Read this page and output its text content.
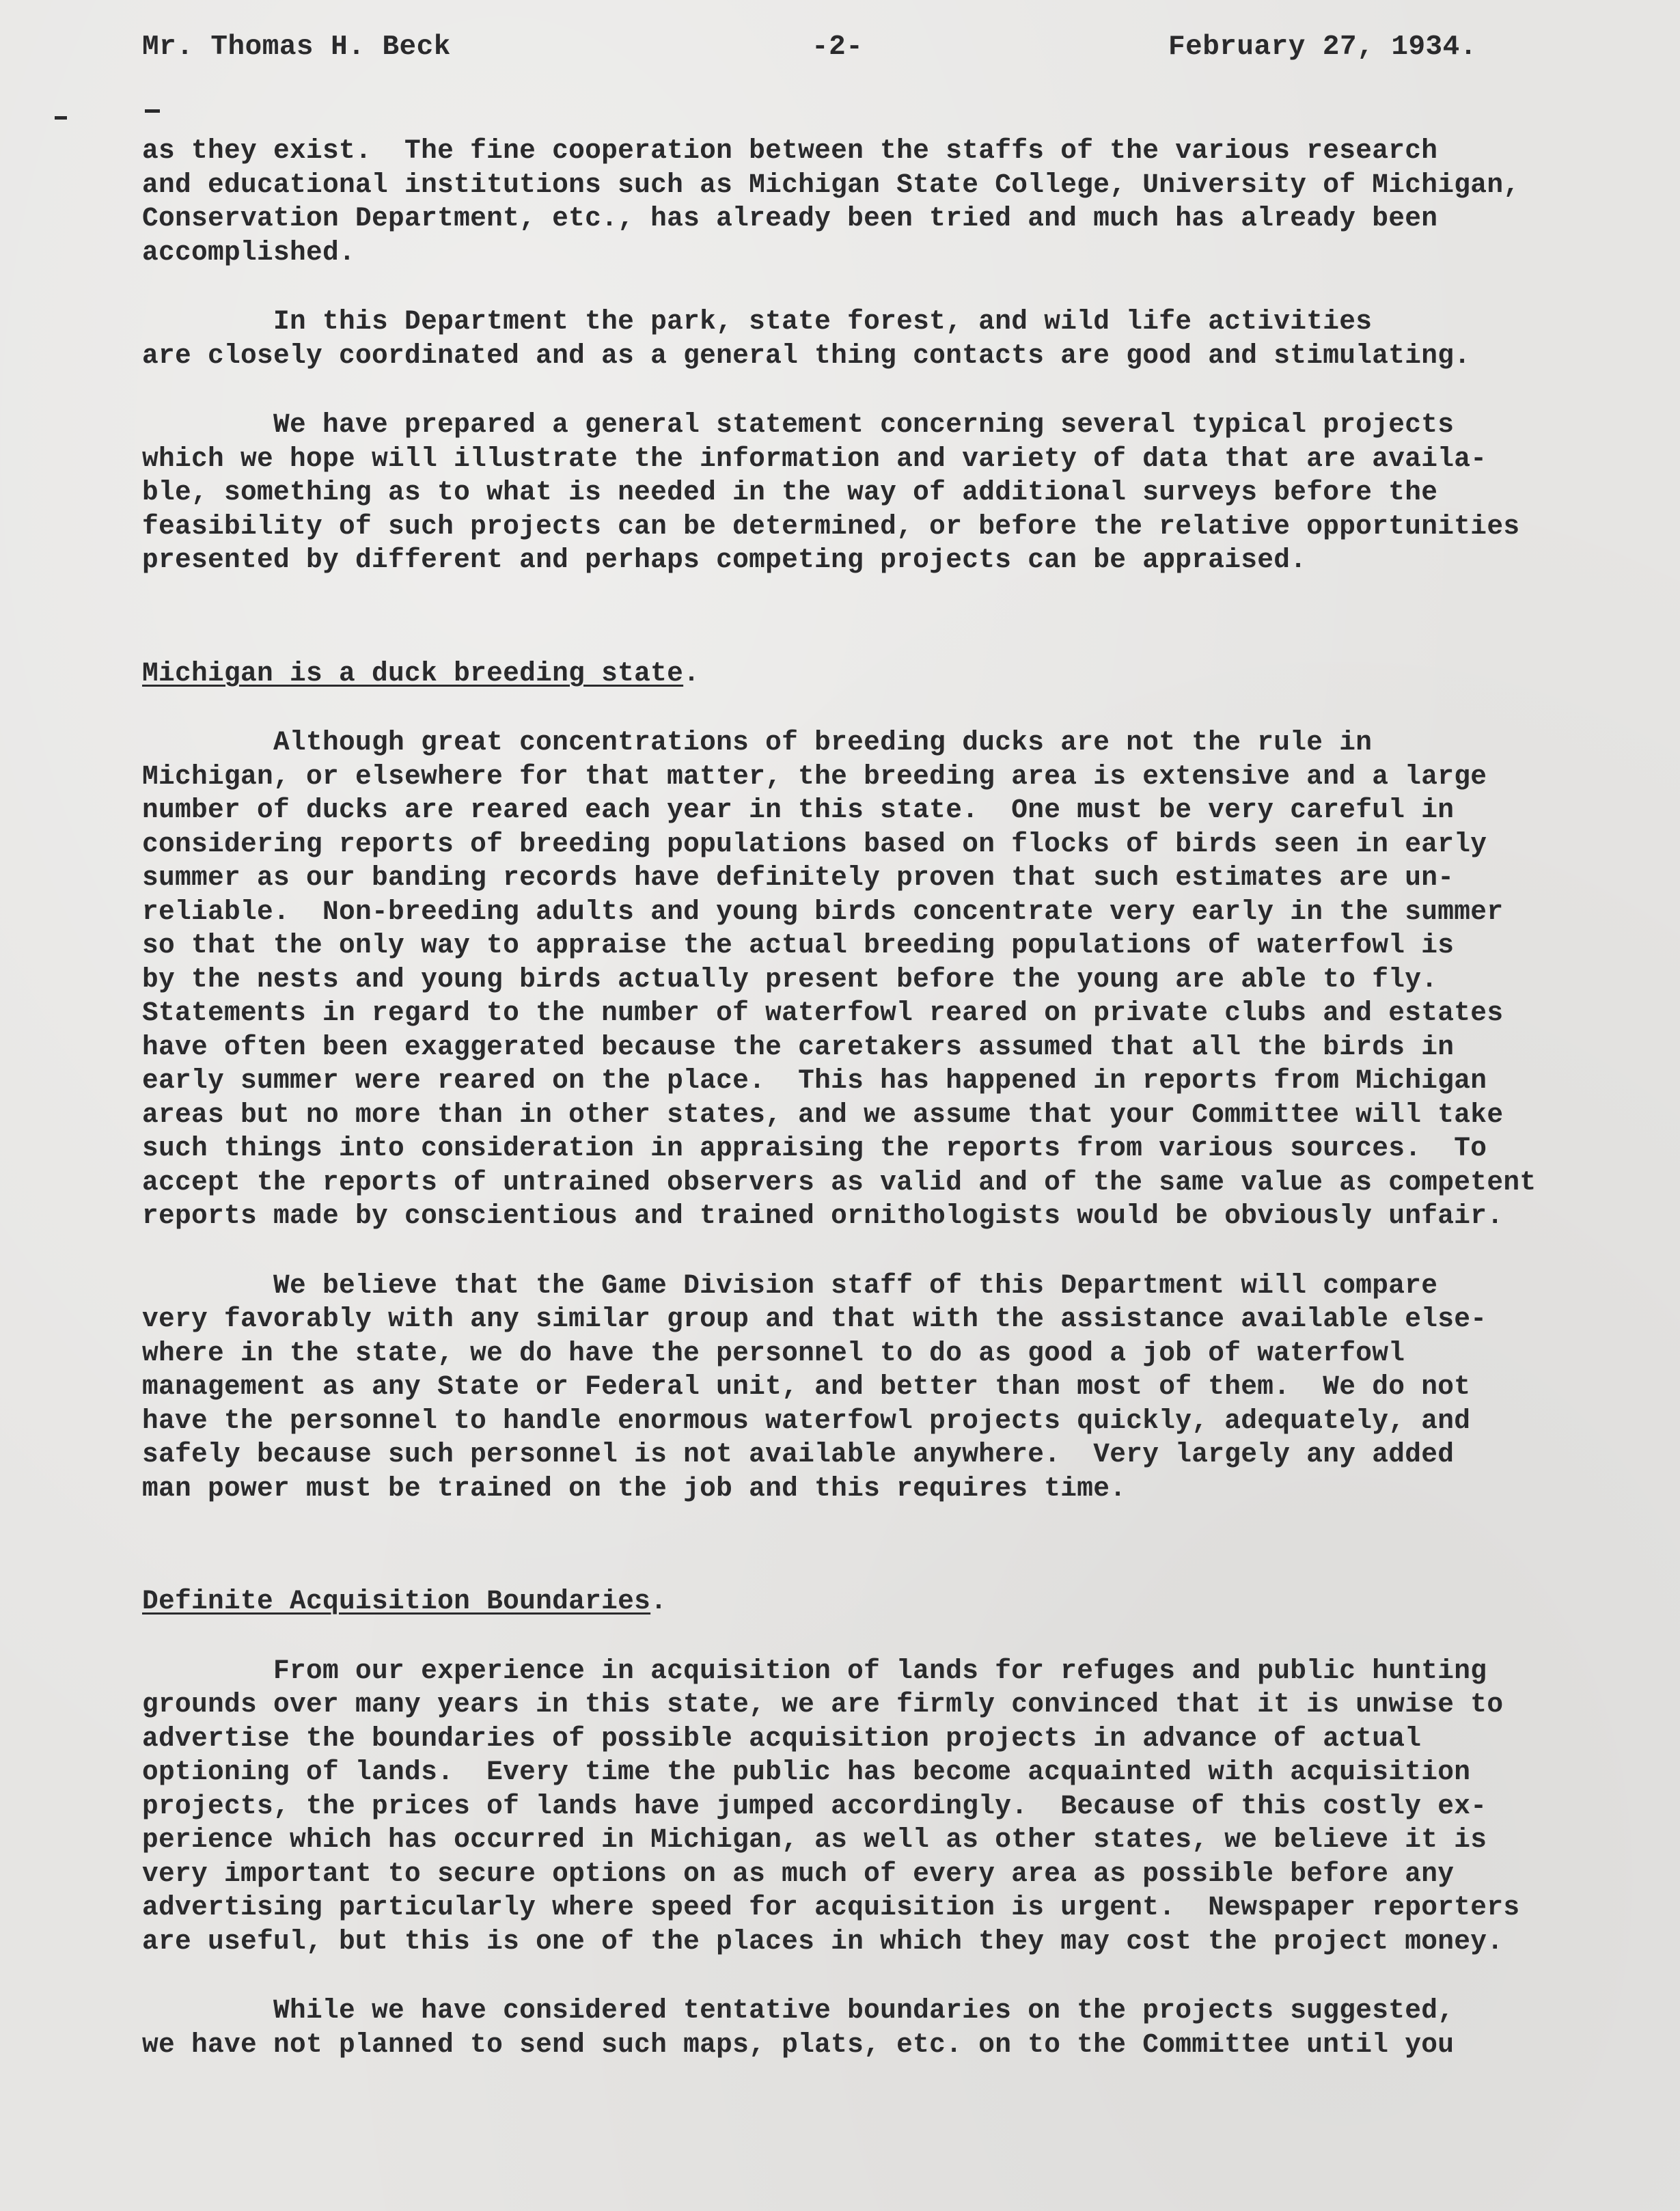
Mr. Thomas H. Beck	-2-	February 27, 1934.
as they exist.  The fine cooperation between the staffs of the various research
and educational institutions such as Michigan State College, University of Michigan,
Conservation Department, etc., has already been tried and much has already been
accomplished.
In this Department the park, state forest, and wild life activities
are closely coordinated and as a general thing contacts are good and stimulating.
We have prepared a general statement concerning several typical projects
which we hope will illustrate the information and variety of data that are availa-
ble, something as to what is needed in the way of additional surveys before the
feasibility of such projects can be determined, or before the relative opportunities
presented by different and perhaps competing projects can be appraised.
Michigan is a duck breeding state.
Although great concentrations of breeding ducks are not the rule in
Michigan, or elsewhere for that matter, the breeding area is extensive and a large
number of ducks are reared each year in this state.  One must be very careful in
considering reports of breeding populations based on flocks of birds seen in early
summer as our banding records have definitely proven that such estimates are un-
reliable.  Non-breeding adults and young birds concentrate very early in the summer
so that the only way to appraise the actual breeding populations of waterfowl is
by the nests and young birds actually present before the young are able to fly.
Statements in regard to the number of waterfowl reared on private clubs and estates
have often been exaggerated because the caretakers assumed that all the birds in
early summer were reared on the place.  This has happened in reports from Michigan
areas but no more than in other states, and we assume that your Committee will take
such things into consideration in appraising the reports from various sources.  To
accept the reports of untrained observers as valid and of the same value as competent
reports made by conscientious and trained ornithologists would be obviously unfair.
We believe that the Game Division staff of this Department will compare
very favorably with any similar group and that with the assistance available else-
where in the state, we do have the personnel to do as good a job of waterfowl
management as any State or Federal unit, and better than most of them.  We do not
have the personnel to handle enormous waterfowl projects quickly, adequately, and
safely because such personnel is not available anywhere.  Very largely any added
man power must be trained on the job and this requires time.
Definite Acquisition Boundaries.
From our experience in acquisition of lands for refuges and public hunting
grounds over many years in this state, we are firmly convinced that it is unwise to
advertise the boundaries of possible acquisition projects in advance of actual
optioning of lands.  Every time the public has become acquainted with acquisition
projects, the prices of lands have jumped accordingly.  Because of this costly ex-
perience which has occurred in Michigan, as well as other states, we believe it is
very important to secure options on as much of every area as possible before any
advertising particularly where speed for acquisition is urgent.  Newspaper reporters
are useful, but this is one of the places in which they may cost the project money.
While we have considered tentative boundaries on the projects suggested,
we have not planned to send such maps, plats, etc. on to the Committee until you
